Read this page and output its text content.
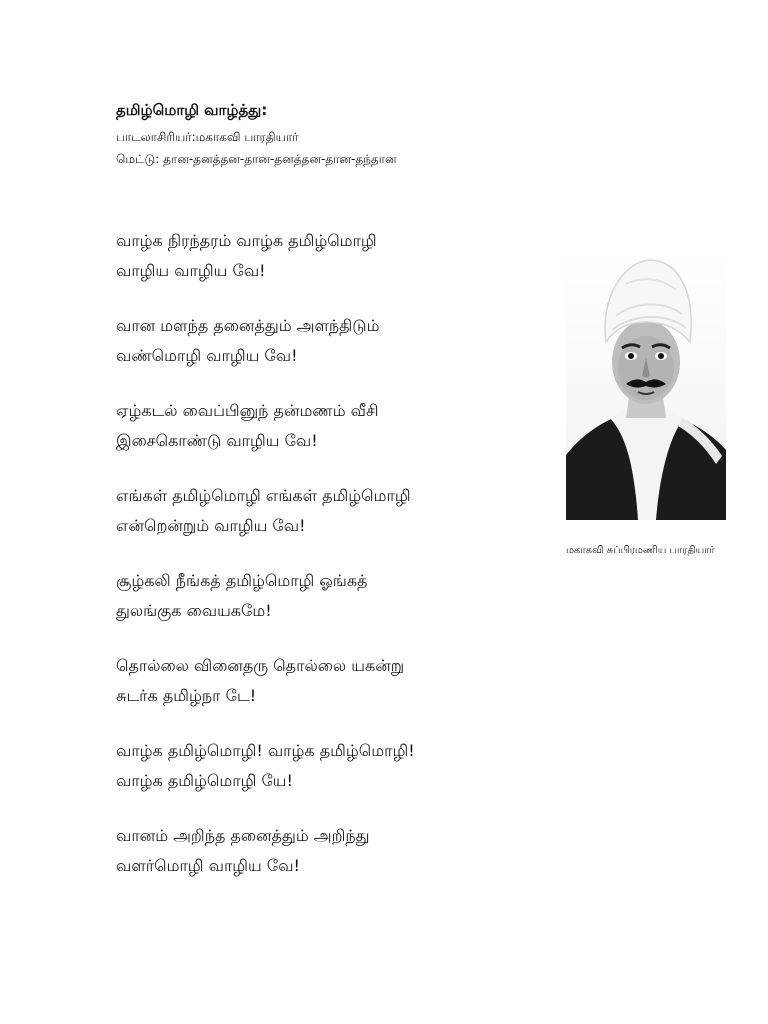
தமிழ்மொழி வாழ்த்து:

பாடலாசிரியர்:மகாகவி பாரதியார்

மெட்டு: தான-தனத்தன-தான-தனத்தன-தான-தந்தான

வாழ்க நிரந்தரம் வாழ்க தமிழ்மொழி

வாழிய வாழிய வே!

வான மளந்த தனைத்தும் அளந்திடும்

வண்மொழி வாழிய வே!

ஏழ்கடல் வைப்பினுந் தன்மணம் வீசி

இசைகொண்டு வாழிய வே!

எங்கள் தமிழ்மொழி எங்கள் தமிழ்மொழி

என்றென்றும் வாழிய வே!

சூழ்கலி நீங்கத் தமிழ்மொழி ஓங்கத்

துலங்குக வையகமே!

தொல்லை வினைதரு தொல்லை யகன்று

சுடர்க தமிழ்நா டே!

வாழ்க தமிழ்மொழி! வாழ்க தமிழ்மொழி!

வாழ்க தமிழ்மொழி யே!

வானம் அறிந்த தனைத்தும் அறிந்து

வளர்மொழி வாழிய வே!

மகாகவி சுப்பிரமணிய பாரதியார்
